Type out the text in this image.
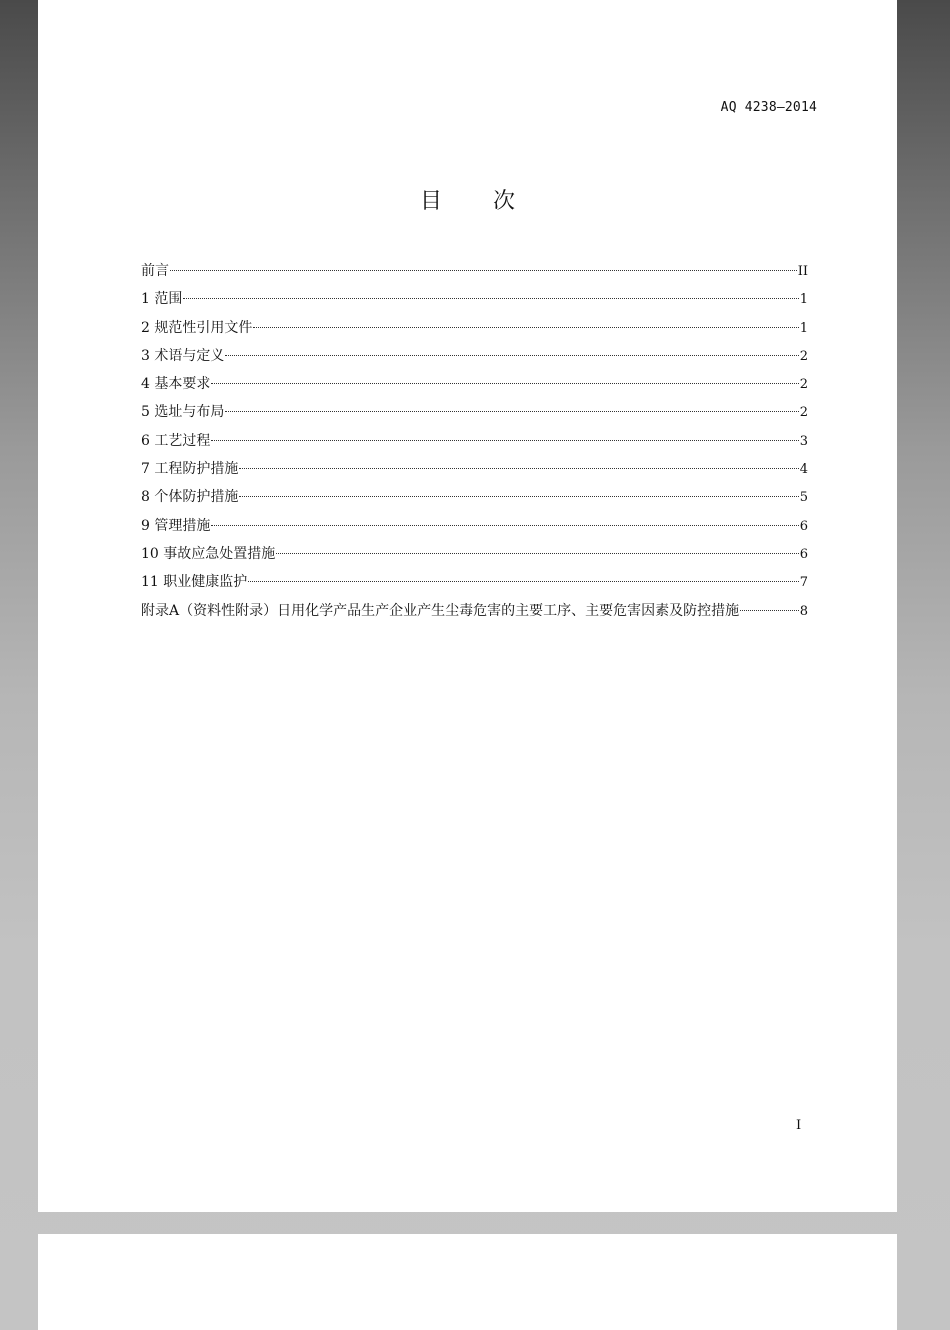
AQ 4238—2014
目 次
前言	II
1 范围	1
2 规范性引用文件	1
3 术语与定义	2
4 基本要求	2
5 选址与布局	2
6 工艺过程	3
7 工程防护措施	4
8 个体防护措施	5
9 管理措施	6
10 事故应急处置措施	6
11 职业健康监护	7
附录A（资料性附录）日用化学产品生产企业产生尘毒危害的主要工序、主要危害因素及防控措施	8
I
